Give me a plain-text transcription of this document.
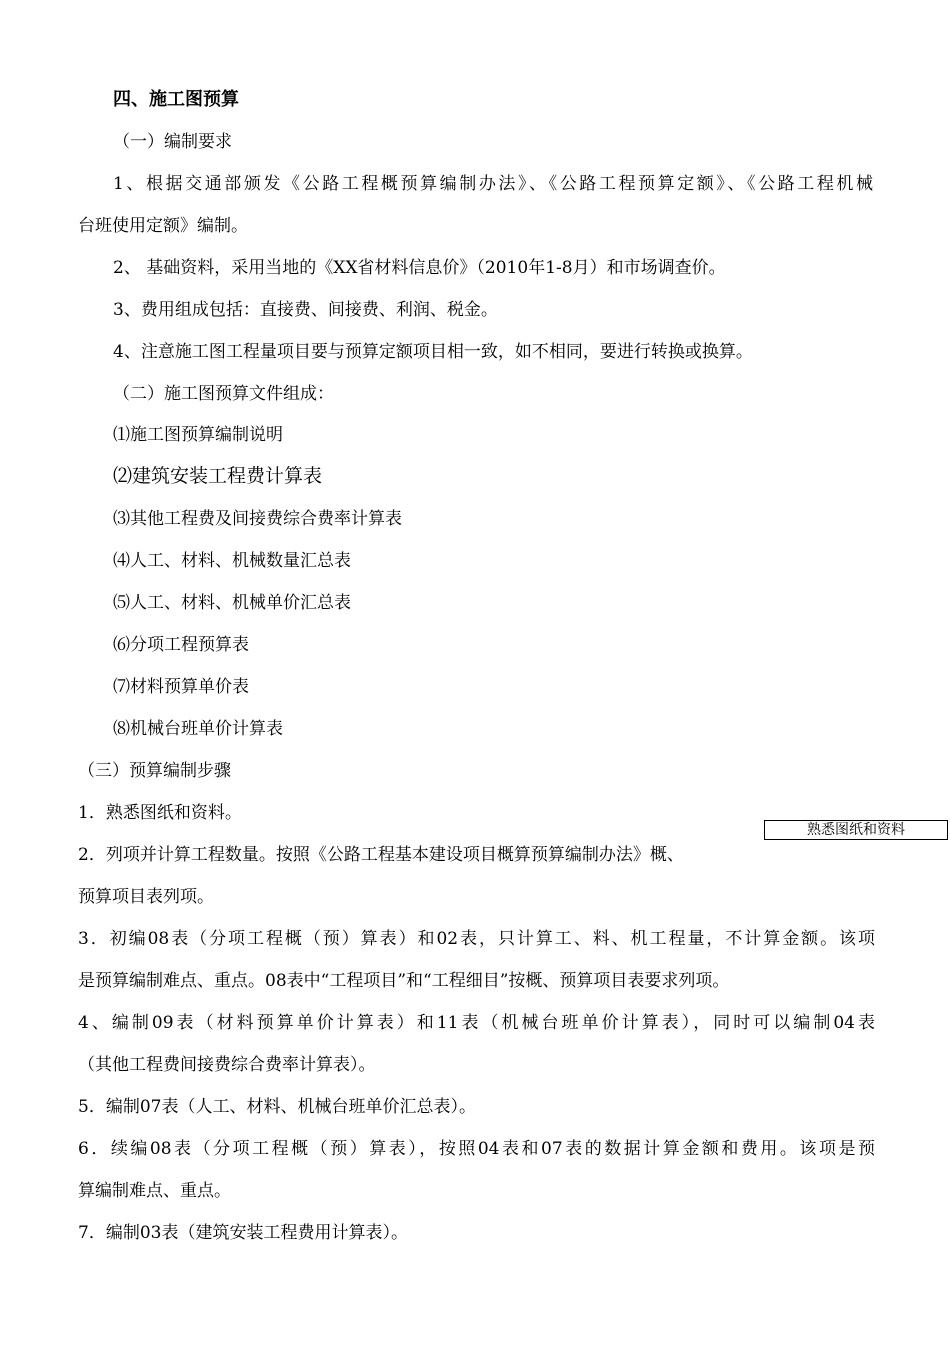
四、施工图预算
（一）编制要求
1、根据交通部颁发《公路工程概预算编制办法》、《公路工程预算定额》、《公路工程机械
台班使用定额》编制。
2、 基础资料，采用当地的《XX省材料信息价》（2010年1-8月）和市场调查价。
3、费用组成包括：直接费、间接费、利润、税金。
4、注意施工图工程量项目要与预算定额项目相一致，如不相同，要进行转换或换算。
（二）施工图预算文件组成：
⑴施工图预算编制说明
⑵建筑安装工程费计算表
⑶其他工程费及间接费综合费率计算表
⑷人工、材料、机械数量汇总表
⑸人工、材料、机械单价汇总表
⑹分项工程预算表
⑺材料预算单价表
⑻机械台班单价计算表
（三）预算编制步骤
1．熟悉图纸和资料。
2．列项并计算工程数量。按照《公路工程基本建设项目概算预算编制办法》概、
预算项目表列项。
3．初编08表（分项工程概（预）算表）和02表，只计算工、料、机工程量，不计算金额。该项
是预算编制难点、重点。08表中“工程项目”和“工程细目”按概、预算项目表要求列项。
4、编制09表（材料预算单价计算表）和11表（机械台班单价计算表），同时可以编制04表
（其他工程费间接费综合费率计算表）。
5．编制07表（人工、材料、机械台班单价汇总表）。
6．续编08表（分项工程概（预）算表），按照04表和07表的数据计算金额和费用。该项是预
算编制难点、重点。
7．编制03表（建筑安装工程费用计算表）。
熟悉图纸和资料
